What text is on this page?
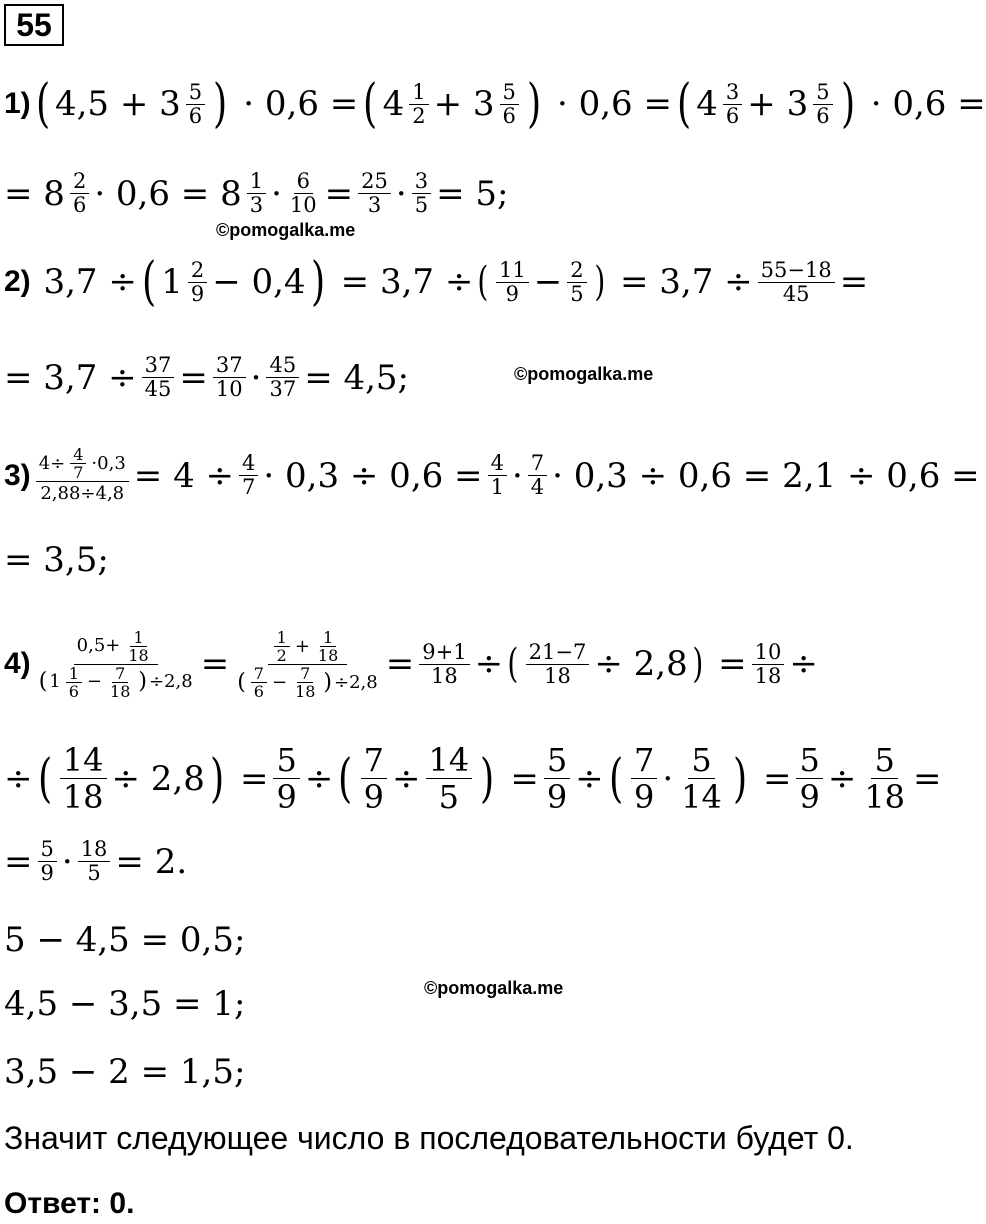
55
1) ( $4,5 + 3 \frac{5}{6}$ ) · 0,6 = ( $4 \frac{1}{2} + 3 \frac{5}{6}$ ) · 0,6 = ( $4 \frac{3}{6} + 3 \frac{5}{6}$ ) · 0,6 =
= $8 \frac{2}{6} \cdot 0,6 = 8 \frac{1}{3} \cdot \frac{6}{10} = \frac{25}{3} \cdot \frac{3}{5} = 5$;
©pomogalka.me
2) 3,7 ÷ ( $1 \frac{2}{9} - 0,4$ ) = 3,7 ÷ ( $\frac{11}{9} - \frac{2}{5}$ ) = $3,7 \div \frac{55-18}{45}$ =
= $3,7 \div \frac{37}{45} = \frac{37}{10} \cdot \frac{45}{37} = 4,5$;	©pomogalka.me
$3) \frac{4\div \frac{4}{7} \cdot 0,3}{2,88\div 4,8} = 4 \div \frac{4}{7} \cdot 0,3 \div 0,6 = \frac{4}{1} \cdot \frac{7}{4} \cdot 0,3 \div 0,6 = 2,1 \div 0,6$ =
= 3,5;
$4) \frac{0,5+ \frac{1}{18}}{( 1 \frac{1}{6} - \frac{7}{18} ) \div 2,8} = \frac{\frac{1}{2} + \frac{1}{18}}{( \frac{7}{6} - \frac{7}{18} ) \div 2,8} = \frac{9+1}{18}$ ÷ ( $\frac{21-7}{18} \div 2,8$ ) = $\frac{10}{18}$ ÷
÷ ( $\frac{14}{18} \div 2,8$ ) = $\frac{5}{9}$ ÷ ( $\frac{7}{9} \div \frac{14}{5}$ ) = $\frac{5}{9}$ ÷ ( $\frac{7}{9} \cdot \frac{5}{14}$ ) = $\frac{5}{9} \div \frac{5}{18}$ =
= $\frac{5}{9} \cdot \frac{18}{5} = 2$.
5 − 4,5 = 0,5;
©pomogalka.me
4,5 − 3,5 = 1;
3,5 − 2 = 1,5;
Значит следующее число в последовательности будет 0.
Ответ: 0.
